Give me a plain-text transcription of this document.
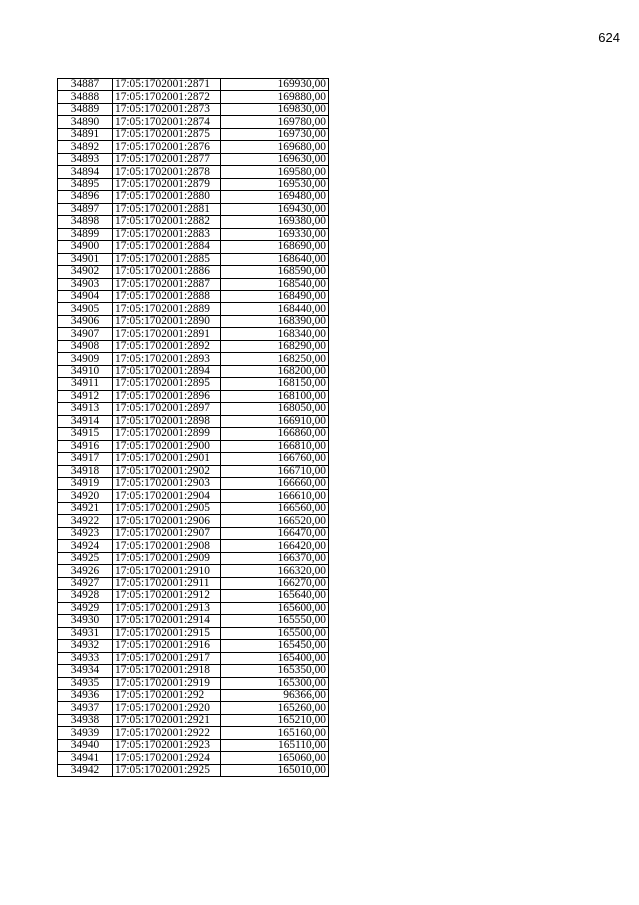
624
34887	17:05:1702001:2871	169930,00
34888	17:05:1702001:2872	169880,00
34889	17:05:1702001:2873	169830,00
34890	17:05:1702001:2874	169780,00
34891	17:05:1702001:2875	169730,00
34892	17:05:1702001:2876	169680,00
34893	17:05:1702001:2877	169630,00
34894	17:05:1702001:2878	169580,00
34895	17:05:1702001:2879	169530,00
34896	17:05:1702001:2880	169480,00
34897	17:05:1702001:2881	169430,00
34898	17:05:1702001:2882	169380,00
34899	17:05:1702001:2883	169330,00
34900	17:05:1702001:2884	168690,00
34901	17:05:1702001:2885	168640,00
34902	17:05:1702001:2886	168590,00
34903	17:05:1702001:2887	168540,00
34904	17:05:1702001:2888	168490,00
34905	17:05:1702001:2889	168440,00
34906	17:05:1702001:2890	168390,00
34907	17:05:1702001:2891	168340,00
34908	17:05:1702001:2892	168290,00
34909	17:05:1702001:2893	168250,00
34910	17:05:1702001:2894	168200,00
34911	17:05:1702001:2895	168150,00
34912	17:05:1702001:2896	168100,00
34913	17:05:1702001:2897	168050,00
34914	17:05:1702001:2898	166910,00
34915	17:05:1702001:2899	166860,00
34916	17:05:1702001:2900	166810,00
34917	17:05:1702001:2901	166760,00
34918	17:05:1702001:2902	166710,00
34919	17:05:1702001:2903	166660,00
34920	17:05:1702001:2904	166610,00
34921	17:05:1702001:2905	166560,00
34922	17:05:1702001:2906	166520,00
34923	17:05:1702001:2907	166470,00
34924	17:05:1702001:2908	166420,00
34925	17:05:1702001:2909	166370,00
34926	17:05:1702001:2910	166320,00
34927	17:05:1702001:2911	166270,00
34928	17:05:1702001:2912	165640,00
34929	17:05:1702001:2913	165600,00
34930	17:05:1702001:2914	165550,00
34931	17:05:1702001:2915	165500,00
34932	17:05:1702001:2916	165450,00
34933	17:05:1702001:2917	165400,00
34934	17:05:1702001:2918	165350,00
34935	17:05:1702001:2919	165300,00
34936	17:05:1702001:292	96366,00
34937	17:05:1702001:2920	165260,00
34938	17:05:1702001:2921	165210,00
34939	17:05:1702001:2922	165160,00
34940	17:05:1702001:2923	165110,00
34941	17:05:1702001:2924	165060,00
34942	17:05:1702001:2925	165010,00
